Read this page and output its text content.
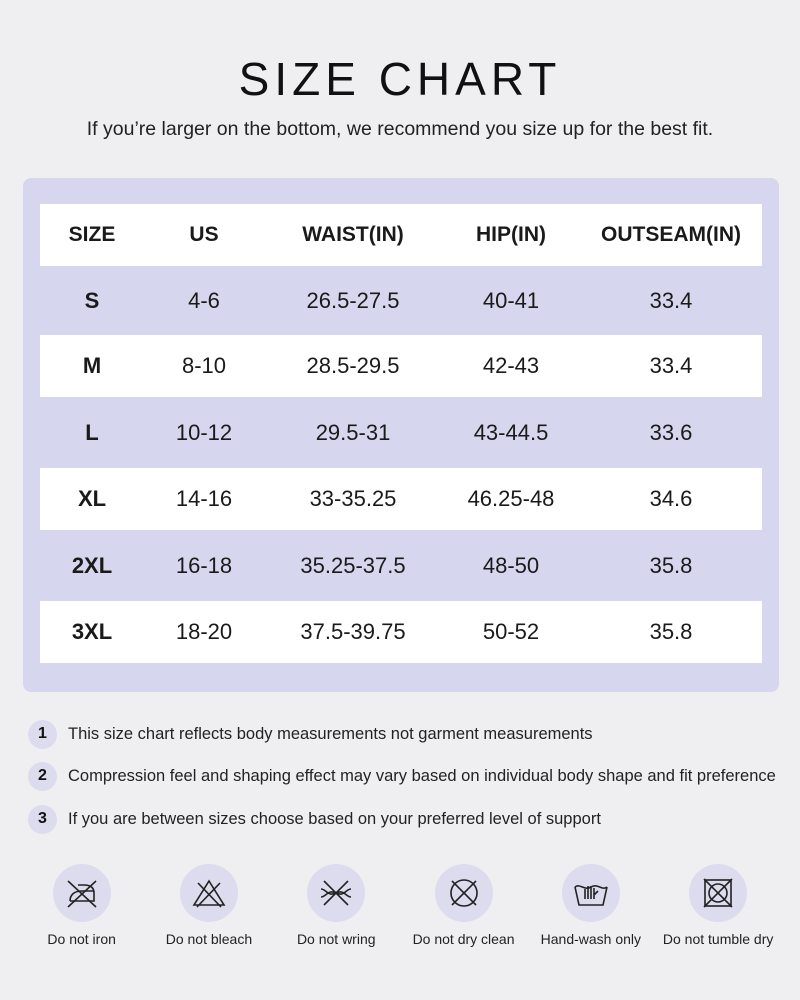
SIZE CHART
If you’re larger on the bottom, we recommend you size up for the best fit.
SIZE	US	WAIST(IN)	HIP(IN)	OUTSEAM(IN)
S	4-6	26.5-27.5	40-41	33.4
M	8-10	28.5-29.5	42-43	33.4
L	10-12	29.5-31	43-44.5	33.6
XL	14-16	33-35.25	46.25-48	34.6
2XL	16-18	35.25-37.5	48-50	35.8
3XL	18-20	37.5-39.75	50-52	35.8
1	This size chart reflects body measurements not garment measurements
2	Compression feel and shaping effect may vary based on individual body shape and fit preference
3	If you are between sizes choose based on your preferred level of support
Do not iron	Do not bleach	Do not wring	Do not dry clean Hand-wash only Do not tumble dry
